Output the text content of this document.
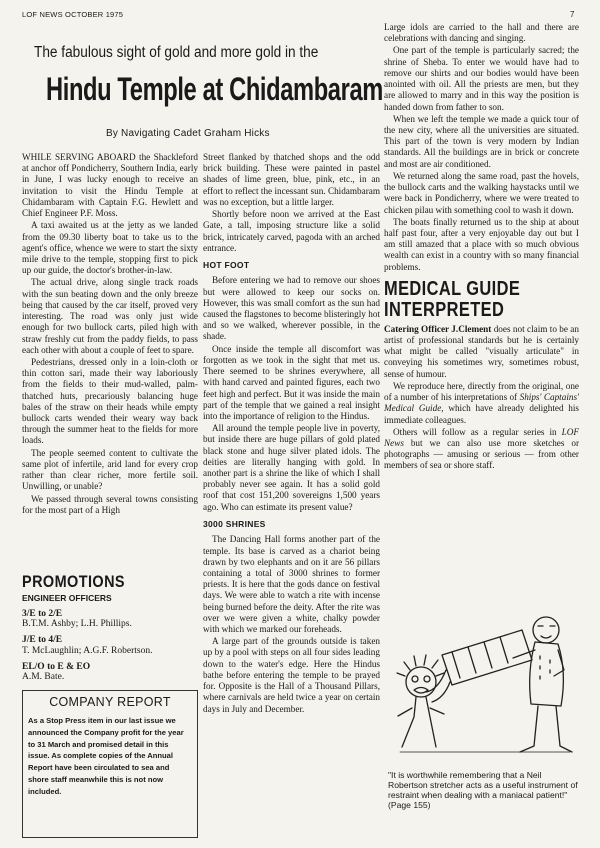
LOF NEWS OCTOBER 1975	7
The fabulous sight of gold and more gold in the
Hindu Temple at Chidambaram
By Navigating Cadet Graham Hicks

WHILE SERVING ABOARD the Shackleford at anchor off Pondicherry, Southern India, early in June, I was lucky enough to receive an invitation to visit the Hindu Temple at Chidambaram with Captain F.G. Hewlett and Chief Engineer P.F. Moss.

A taxi awaited us at the jetty as we landed from the 09.30 liberty boat to take us to the agent's office, whence we were to start the sixty mile drive to the temple, stopping first to pick up our guide, the doctor's brother-in-law.

The actual drive, along single track roads with the sun beating down and the only breeze being that caused by the car itself, proved very interesting. The road was only just wide enough for two bullock carts, piled high with straw freshly cut from the paddy fields, to pass each other with about a couple of feet to spare.

Pedestrians, dressed only in a loin-cloth or thin cotton sari, made their way laboriously from the fields to their mud-walled, palm-thatched huts, precariously balancing huge bales of the straw on their heads while empty bullock carts wended their weary way back through the summer heat to the fields for more loads.

The people seemed content to cultivate the same plot of infertile, arid land for every crop rather than clear richer, more fertile soil. Unwilling, or unable?

We passed through several towns consisting for the most part of a High

PROMOTIONS
ENGINEER OFFICERS
3/E to 2/E
B.T.M. Ashby; L.H. Phillips.
J/E to 4/E
T. McLaughlin; A.G.F. Robertson.
EL/O to E & EO
A.M. Bate.
COMPANY REPORT
As a Stop Press item in our last issue we announced the Company profit for the year to 31 March and promised detail in this issue. As complete copies of the Annual Report have been circulated to sea and shore staff meanwhile this is not now included.

Street flanked by thatched shops and the odd brick building. These were painted in pastel shades of lime green, blue, pink, etc., in an effort to reflect the incessant sun. Chidambaram was no exception, but a little larger.

Shortly before noon we arrived at the East Gate, a tall, imposing structure like a solid brick, intricately carved, pagoda with an arched entrance.

HOT FOOT

Before entering we had to remove our shoes but were allowed to keep our socks on. However, this was small comfort as the sun had caused the flagstones to become blisteringly hot and so we walked, wherever possible, in the shade.

Once inside the temple all discomfort was forgotten as we took in the sight that met us. There seemed to be shrines everywhere, all with hand carved and painted figures, each two feet high and perfect. But it was inside the main part of the temple that we gained a real insight into the importance of religion to the Hindus.

All around the temple people live in poverty, but inside there are huge pillars of gold plated black stone and huge silver plated idols. The deities are literally hanging with gold. In another part is a shrine the like of which I shall probably never see again. It has a solid gold roof that cost 151,200 sovereigns 1,500 years ago. Who can estimate its present value?

3000 SHRINES

The Dancing Hall forms another part of the temple. Its base is carved as a chariot being drawn by two elephants and on it are 56 pillars containing a total of 3000 shrines to former priests. It is here that the gods dance on festival days. We were able to watch a rite with incense being burned before the deity. After the rite was over we were given a white, chalky powder with which we marked our foreheads.

A large part of the grounds outside is taken up by a pool with steps on all four sides leading down to the water's edge. Here the Hindus bathe before entering the temple to be prayed for. Opposite is the Hall of a Thousand Pillars, where carnivals are held twice a year on certain days in July and December.

Large idols are carried to the hall and there are celebrations with dancing and singing.

One part of the temple is particularly sacred; the shrine of Sheba. To enter we would have had to remove our shirts and our bodies would have been anointed with oil. All the priests are men, but they are allowed to marry and in this way the position is handed down from father to son.

When we left the temple we made a quick tour of the new city, where all the universities are situated. This part of the town is very modern by Indian standards. All the buildings are in brick or concrete and most are air conditioned.

We returned along the same road, past the hovels, the bullock carts and the walking haystacks until we were back in Pondicherry, where we were treated to chicken pilau with something cool to wash it down.

The boats finally returned us to the ship at about half past four, after a very enjoyable day out but I am still amazed that a place with so much obvious wealth can exist in a country with so many financial problems.

MEDICAL GUIDE
INTERPRETED

Catering Officer J.Clement does not claim to be an artist of professional standards but he is certainly what might be called "visually articulate" in conveying his sometimes wry, sometimes robust, sense of humour.

We reproduce here, directly from the original, one of a number of his interpretations of Ships' Captains' Medical Guide, which have already delighted his immediate colleagues.

Others will follow as a regular series in LOF News but we can also use more sketches or photographs — amusing or serious — from other members of sea or shore staff.

"It is worthwhile remembering that a Neil Robertson stretcher acts as a useful instrument of restraint when dealing with a maniacal patient!" (Page 155)
